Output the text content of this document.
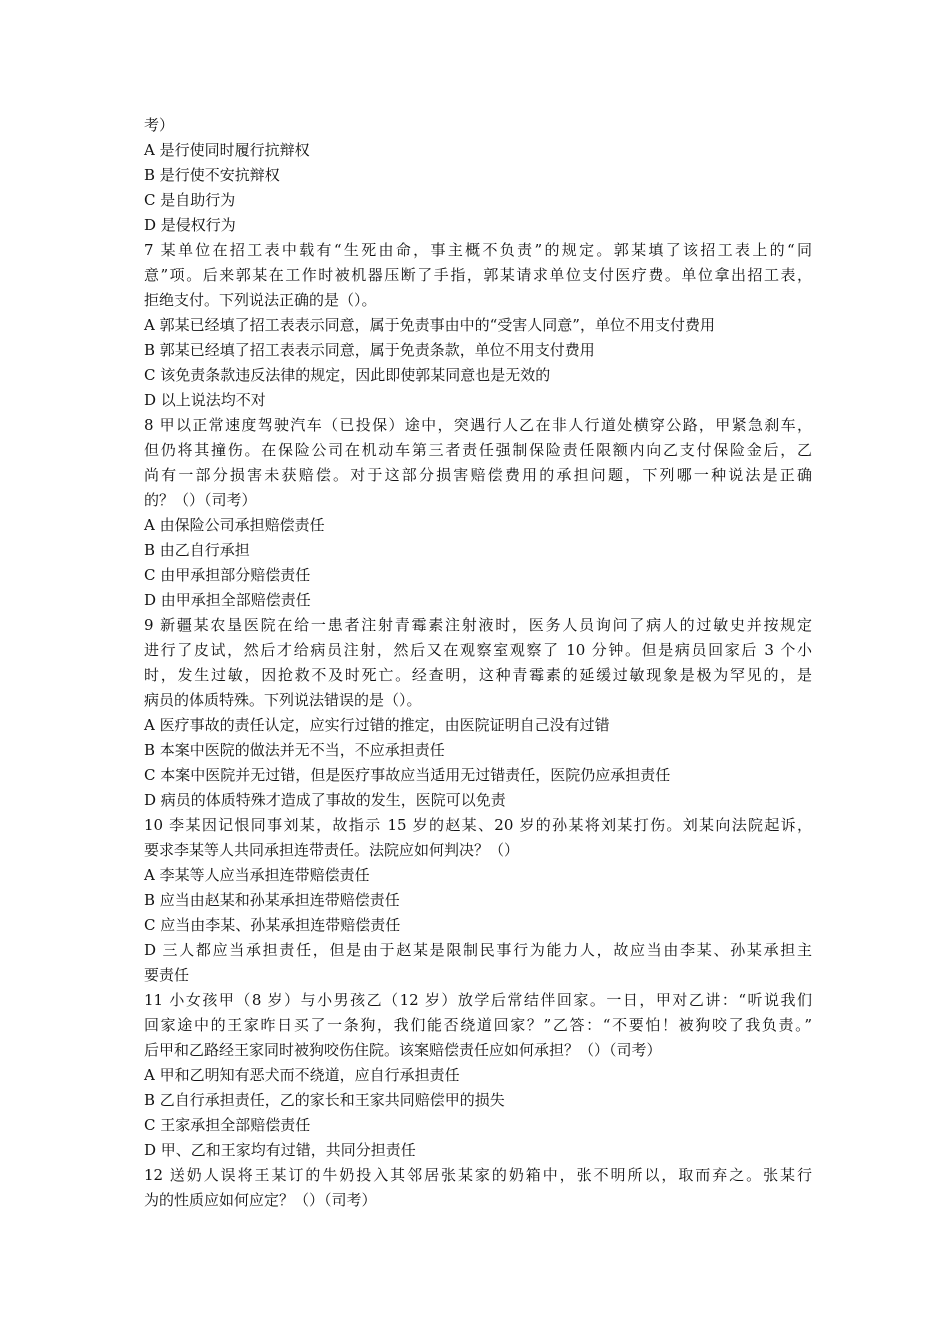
考）
A 是行使同时履行抗辩权
B 是行使不安抗辩权
C 是自助行为
D 是侵权行为
7 某单位在招工表中载有“生死由命，事主概不负责”的规定。郭某填了该招工表上的“同
意”项。后来郭某在工作时被机器压断了手指，郭某请求单位支付医疗费。单位拿出招工表，
拒绝支付。下列说法正确的是（）。
A 郭某已经填了招工表表示同意，属于免责事由中的“受害人同意”，单位不用支付费用
B 郭某已经填了招工表表示同意，属于免责条款，单位不用支付费用
C 该免责条款违反法律的规定，因此即使郭某同意也是无效的
D 以上说法均不对
8 甲以正常速度驾驶汽车（已投保）途中，突遇行人乙在非人行道处横穿公路，甲紧急刹车，
但仍将其撞伤。在保险公司在机动车第三者责任强制保险责任限额内向乙支付保险金后，乙
尚有一部分损害未获赔偿。对于这部分损害赔偿费用的承担问题，下列哪一种说法是正确
的？（）（司考）
A 由保险公司承担赔偿责任
B 由乙自行承担
C 由甲承担部分赔偿责任
D 由甲承担全部赔偿责任
9 新疆某农垦医院在给一患者注射青霉素注射液时，医务人员询问了病人的过敏史并按规定
进行了皮试，然后才给病员注射，然后又在观察室观察了 10 分钟。但是病员回家后 3 个小
时，发生过敏，因抢救不及时死亡。经查明，这种青霉素的延缓过敏现象是极为罕见的，是
病员的体质特殊。下列说法错误的是（）。
A 医疗事故的责任认定，应实行过错的推定，由医院证明自己没有过错
B 本案中医院的做法并无不当，不应承担责任
C 本案中医院并无过错，但是医疗事故应当适用无过错责任，医院仍应承担责任
D 病员的体质特殊才造成了事故的发生，医院可以免责
10 李某因记恨同事刘某，故指示 15 岁的赵某、20 岁的孙某将刘某打伤。刘某向法院起诉，
要求李某等人共同承担连带责任。法院应如何判决？（）
A 李某等人应当承担连带赔偿责任
B 应当由赵某和孙某承担连带赔偿责任
C 应当由李某、孙某承担连带赔偿责任
D 三人都应当承担责任，但是由于赵某是限制民事行为能力人，故应当由李某、孙某承担主
要责任
11 小女孩甲（8 岁）与小男孩乙（12 岁）放学后常结伴回家。一日，甲对乙讲：“听说我们
回家途中的王家昨日买了一条狗，我们能否绕道回家？”乙答：“不要怕！被狗咬了我负责。”
后甲和乙路经王家同时被狗咬伤住院。该案赔偿责任应如何承担？（）（司考）
A 甲和乙明知有恶犬而不绕道，应自行承担责任
B 乙自行承担责任，乙的家长和王家共同赔偿甲的损失
C 王家承担全部赔偿责任
D 甲、乙和王家均有过错，共同分担责任
12 送奶人误将王某订的牛奶投入其邻居张某家的奶箱中，张不明所以，取而弃之。张某行
为的性质应如何应定？（）（司考）
